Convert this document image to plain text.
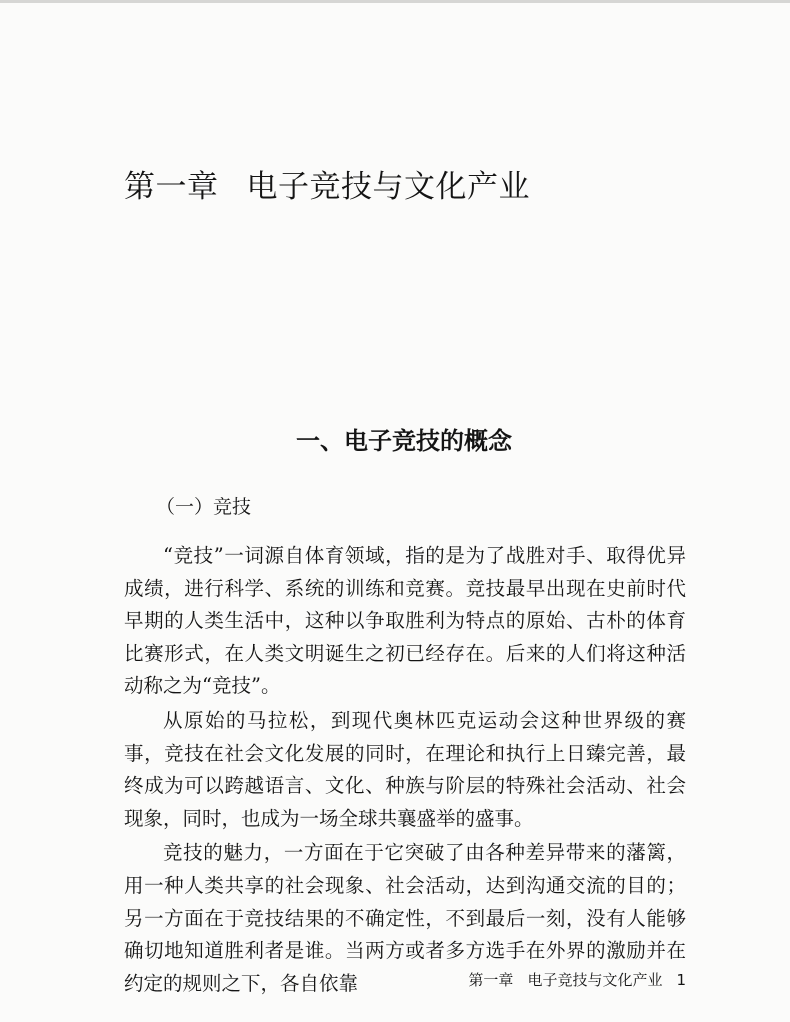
第一章 电子竞技与文化产业
一、电子竞技的概念
（一）竞技

“竞技”一词源自体育领域，指的是为了战胜对手、取得优异成绩，进行科学、系统的训练和竞赛。竞技最早出现在史前时代早期的人类生活中，这种以争取胜利为特点的原始、古朴的体育比赛形式，在人类文明诞生之初已经存在。后来的人们将这种活动称之为“竞技”。

从原始的马拉松，到现代奥林匹克运动会这种世界级的赛事，竞技在社会文化发展的同时，在理论和执行上日臻完善，最终成为可以跨越语言、文化、种族与阶层的特殊社会活动、社会现象，同时，也成为一场全球共襄盛举的盛事。

竞技的魅力，一方面在于它突破了由各种差异带来的藩篱，用一种人类共享的社会现象、社会活动，达到沟通交流的目的；另一方面在于竞技结果的不确定性，不到最后一刻，没有人能够确切地知道胜利者是谁。当两方或者多方选手在外界的激励并在约定的规则之下，各自依靠	第一章 电子竞技与文化产业 1
